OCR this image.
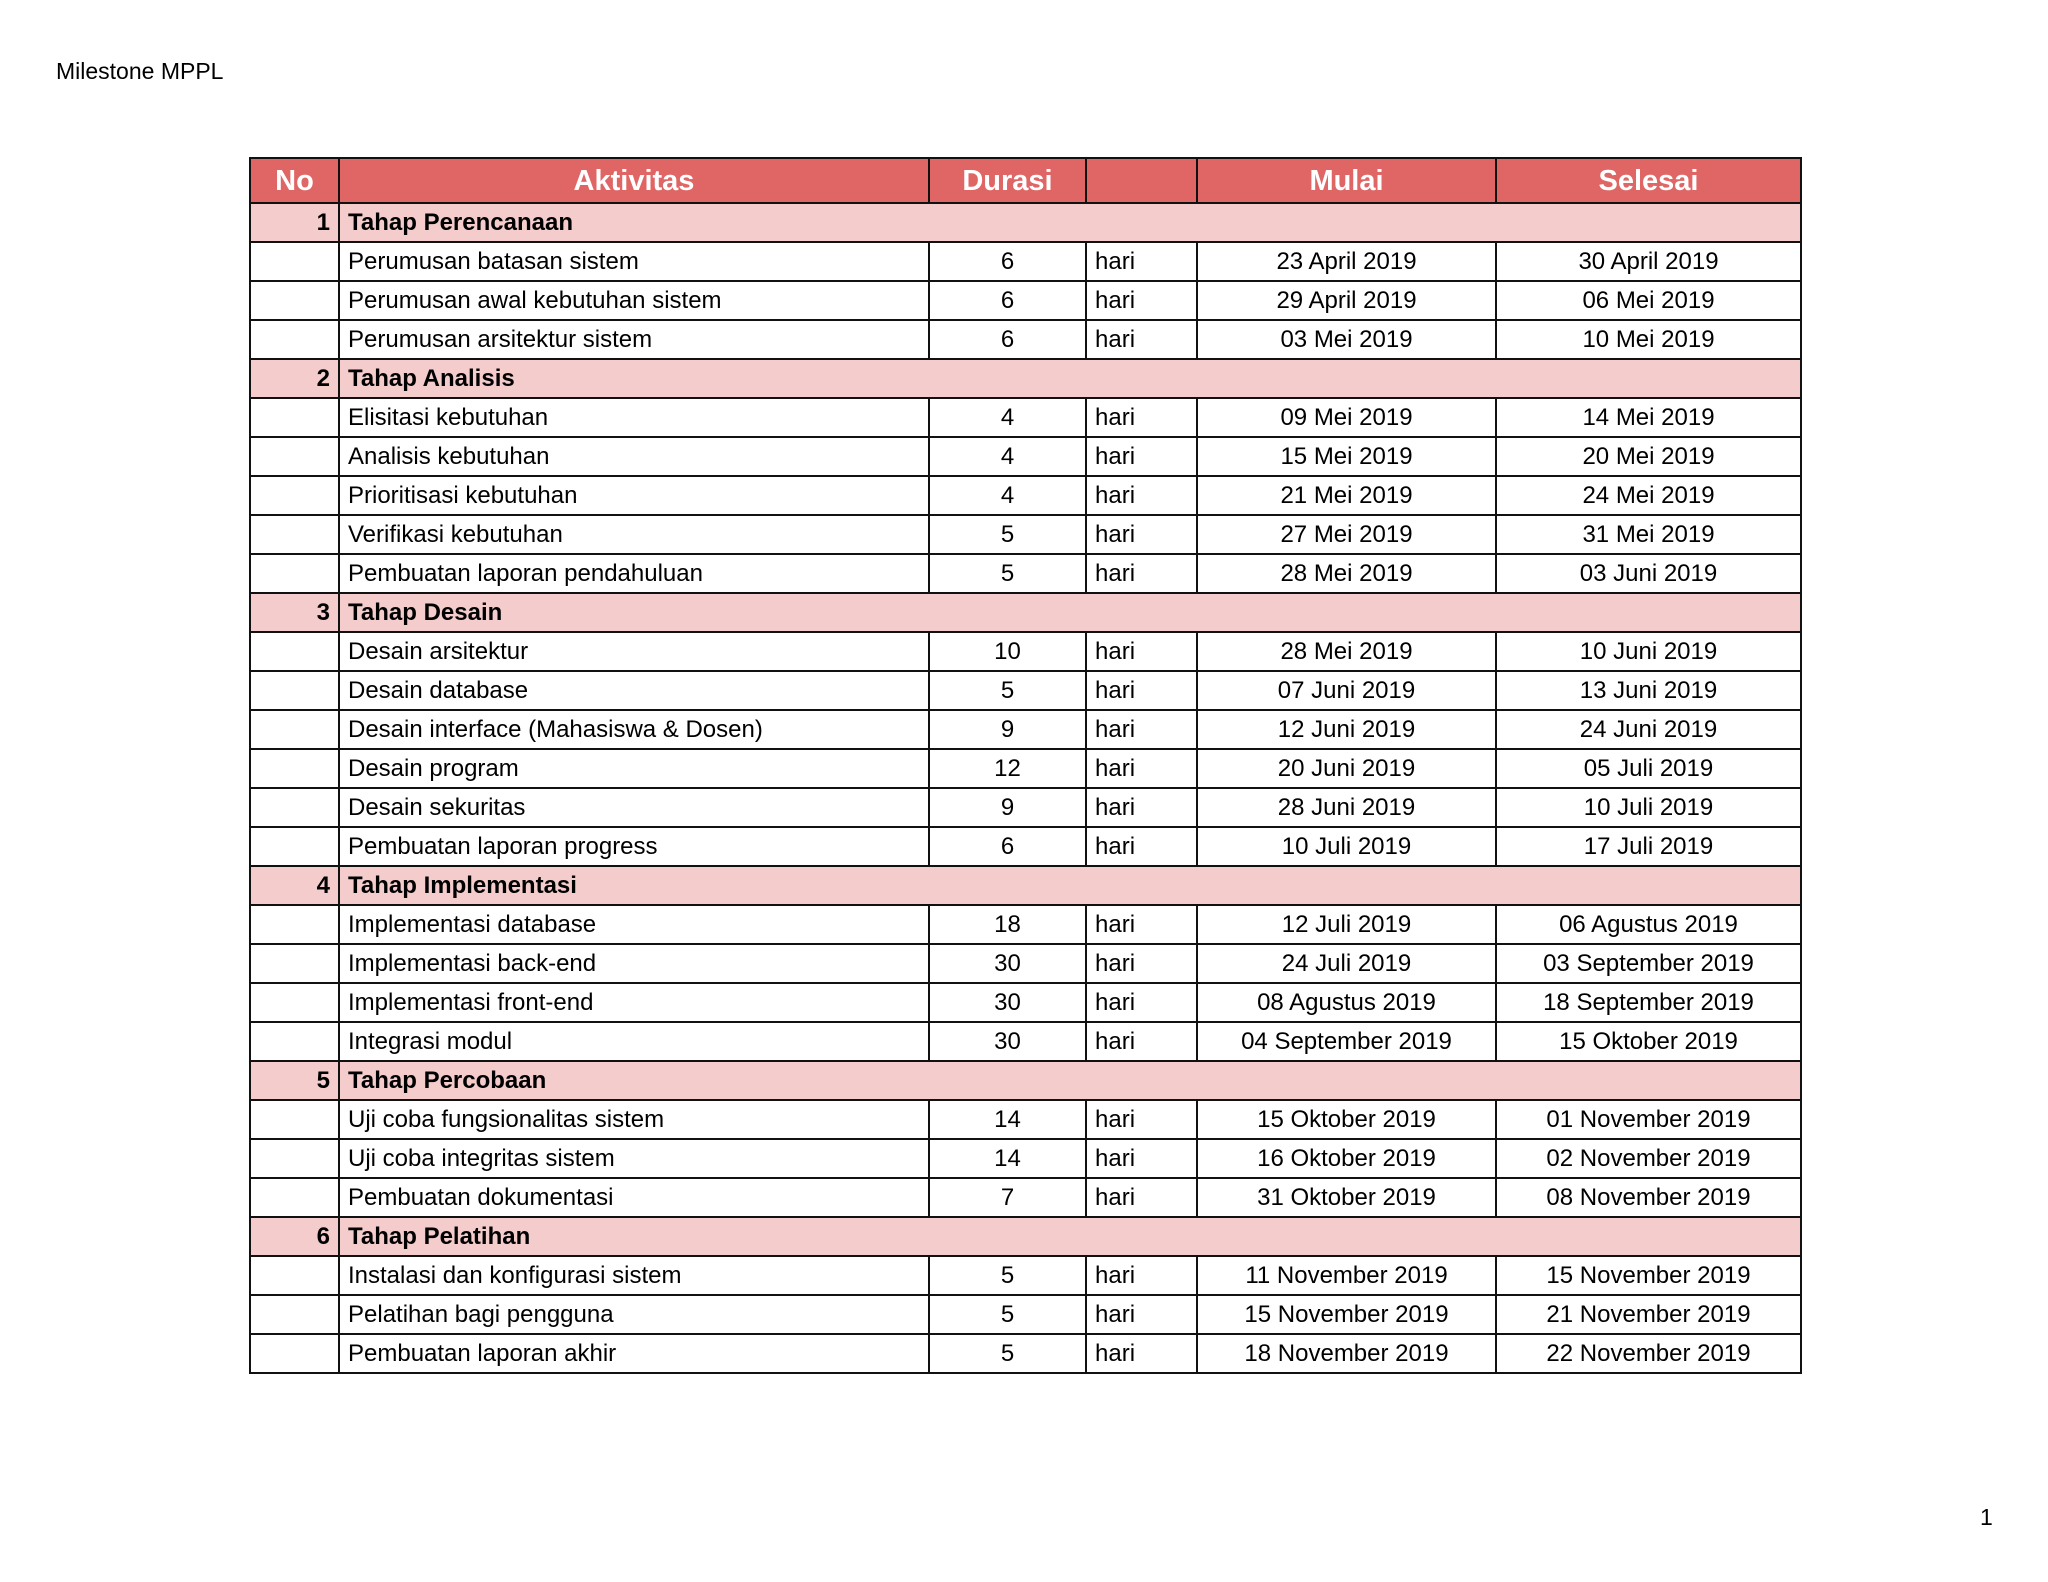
Milestone MPPL
No	Aktivitas	Durasi		Mulai	Selesai
1	Tahap Perencanaan				
	Perumusan batasan sistem	6	hari	23 April 2019	30 April 2019
	Perumusan awal kebutuhan sistem	6	hari	29 April 2019	06 Mei 2019
	Perumusan arsitektur sistem	6	hari	03 Mei 2019	10 Mei 2019
2	Tahap Analisis				
	Elisitasi kebutuhan	4	hari	09 Mei 2019	14 Mei 2019
	Analisis kebutuhan	4	hari	15 Mei 2019	20 Mei 2019
	Prioritisasi kebutuhan	4	hari	21 Mei 2019	24 Mei 2019
	Verifikasi kebutuhan	5	hari	27 Mei 2019	31 Mei 2019
	Pembuatan laporan pendahuluan	5	hari	28 Mei 2019	03 Juni 2019
3	Tahap Desain				
	Desain arsitektur	10	hari	28 Mei 2019	10 Juni 2019
	Desain database	5	hari	07 Juni 2019	13 Juni 2019
	Desain interface (Mahasiswa & Dosen)	9	hari	12 Juni 2019	24 Juni 2019
	Desain program	12	hari	20 Juni 2019	05 Juli 2019
	Desain sekuritas	9	hari	28 Juni 2019	10 Juli 2019
	Pembuatan laporan progress	6	hari	10 Juli 2019	17 Juli 2019
4	Tahap Implementasi				
	Implementasi database	18	hari	12 Juli 2019	06 Agustus 2019
	Implementasi back-end	30	hari	24 Juli 2019	03 September 2019
	Implementasi front-end	30	hari	08 Agustus 2019	18 September 2019
	Integrasi modul	30	hari	04 September 2019	15 Oktober 2019
5	Tahap Percobaan				
	Uji coba fungsionalitas sistem	14	hari	15 Oktober 2019	01 November 2019
	Uji coba integritas sistem	14	hari	16 Oktober 2019	02 November 2019
	Pembuatan dokumentasi	7	hari	31 Oktober 2019	08 November 2019
6	Tahap Pelatihan				
	Instalasi dan konfigurasi sistem	5	hari	11 November 2019	15 November 2019
	Pelatihan bagi pengguna	5	hari	15 November 2019	21 November 2019
	Pembuatan laporan akhir	5	hari	18 November 2019	22 November 2019
1
